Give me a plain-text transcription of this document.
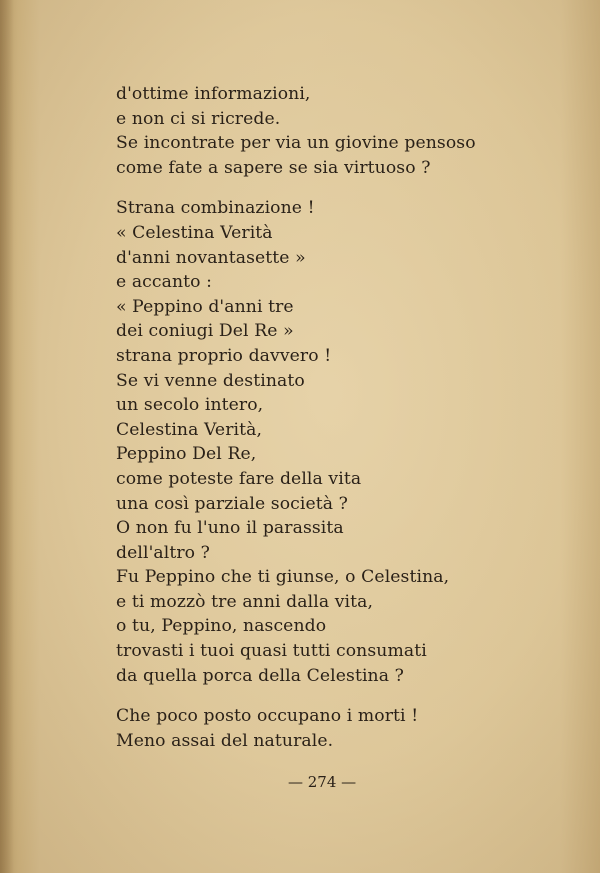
d'ottime informazioni,
e non ci si ricrede.
Se incontrate per via un giovine pensoso
come fate a sapere se sia virtuoso ?
Strana combinazione !
« Celestina Verità
d'anni novantasette »
e accanto :
« Peppino d'anni tre
dei coniugi Del Re »
strana proprio davvero !
Se vi venne destinato
un secolo intero,
Celestina Verità,
Peppino Del Re,
come poteste fare della vita
una così parziale società ?
O non fu l'uno il parassita
dell'altro ?
Fu Peppino che ti giunse, o Celestina,
e ti mozzò tre anni dalla vita,
o tu, Peppino, nascendo
trovasti i tuoi quasi tutti consumati
da quella porca della Celestina ?
Che poco posto occupano i morti !
Meno assai del naturale.
— 274 —
